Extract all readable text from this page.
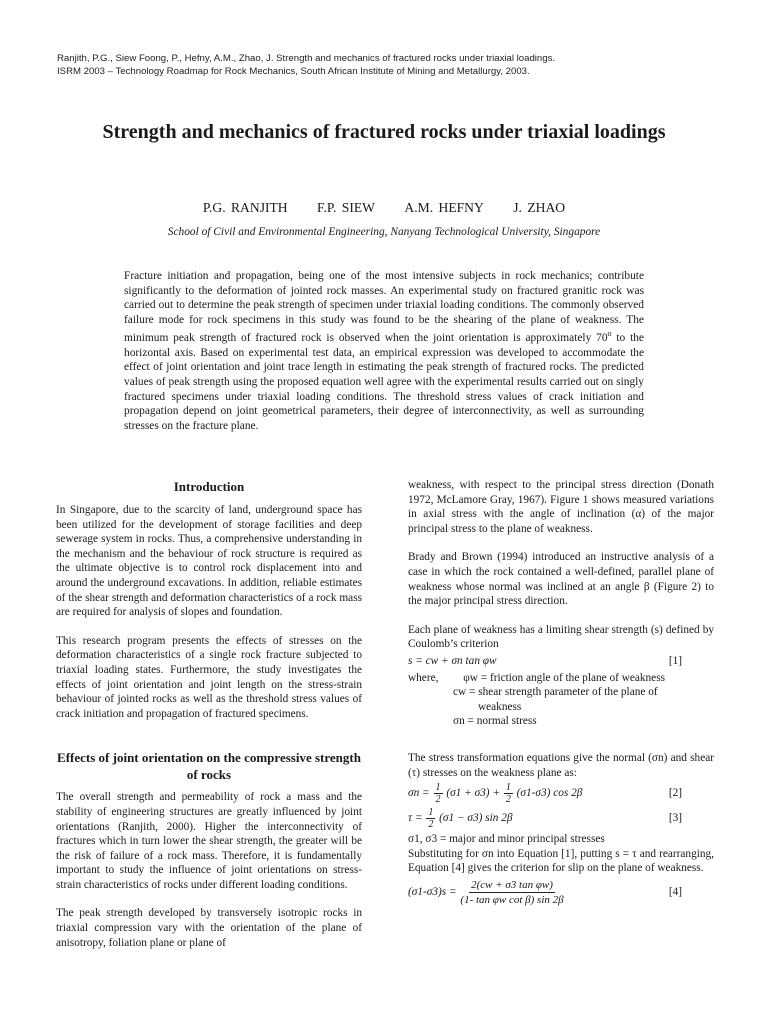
Ranjith, P.G., Siew Foong, P., Hefny, A.M., Zhao, J. Strength and mechanics of fractured rocks under triaxial loadings.
ISRM 2003 – Technology Roadmap for Rock Mechanics, South African Institute of Mining and Metallurgy, 2003.
Strength and mechanics of fractured rocks under triaxial loadings
P.G. RANJITH F.P. SIEW A.M. HEFNY J. ZHAO
School of Civil and Environmental Engineering, Nanyang Technological University, Singapore
Fracture initiation and propagation, being one of the most intensive subjects in rock mechanics; contribute significantly to the deformation of jointed rock masses. An experimental study on fractured granitic rock was carried out to determine the peak strength of specimen under triaxial loading conditions. The commonly observed failure mode for rock specimens in this study was found to be the shearing of the plane of weakness. The minimum peak strength of fractured rock is observed when the joint orientation is approximately 70$^o$ to the horizontal axis. Based on experimental test data, an empirical expression was developed to accommodate the effect of joint orientation and joint trace length in estimating the peak strength of fractured rocks. The predicted values of peak strength using the proposed equation well agree with the experimental results carried out on singly fractured specimens under triaxial loading conditions. The threshold stress values of crack initiation and propagation depend on joint geometrical parameters, their degree of interconnectivity, as well as surrounding stresses on the fracture plane.
Introduction

In Singapore, due to the scarcity of land, underground space has been utilized for the development of storage facilities and deep sewerage system in rocks. Thus, a comprehensive understanding in the mechanism and the behaviour of rock structure is required as the ultimate objective is to control rock displacement into and around the underground excavations. In addition, reliable estimates of the shear strength and deformation characteristics of a rock mass are required for analysis of slopes and foundation.

This research program presents the effects of stresses on the deformation characteristics of a single rock fracture subjected to triaxial loading states. Furthermore, the study investigates the effects of joint orientation and joint length on the stress-strain behaviour of jointed rocks as well as the threshold stress values of crack initiation and propagation of fractured specimens.

Effects of joint orientation on the compressive strength of rocks

The overall strength and permeability of rock a mass and the stability of engineering structures are greatly influenced by joint orientations (Ranjith, 2000). Higher the interconnectivity of fractures which in turn lower the shear strength, the greater will be the risk of failure of a rock mass. Therefore, it is fundamentally important to study the influence of joint orientations on stress-strain characteristics of rocks under different loading conditions.

The peak strength developed by transversely isotropic rocks in triaxial compression vary with the orientation of the plane of anisotropy, foliation plane or plane of

weakness, with respect to the principal stress direction (Donath 1972, McLamore Gray, 1967). Figure 1 shows measured variations in axial stress with the angle of inclination (α) of the major principal stress to the plane of weakness.

Brady and Brown (1994) introduced an instructive analysis of a case in which the rock contained a well-defined, parallel plane of weakness whose normal was inclined at an angle β (Figure 2) to the major principal stress direction.

Each plane of weakness has a limiting shear strength (s) defined by Coulomb’s criterion

s = cw + σn tan φw	[1]
where, φw = friction angle of the plane of weakness
cw = shear strength parameter of the plane of
weakness
σn = normal stress

The stress transformation equations give the normal (σn) and shear (τ) stresses on the weakness plane as:

$\sigma n = \frac{1}{2} (\sigma 1 + \sigma 3) + \frac{1}{2} (\sigma 1-\sigma 3)$ cos 2β	[2]
$\tau = \frac{1}{2} (\sigma 1 - \sigma 3)$ sin 2β	[3]

σ1, σ3 = major and minor principal stresses

Substituting for σn into Equation [1], putting s = τ and rearranging, Equation [4] gives the criterion for slip on the plane of weakness.

$(\sigma 1-\sigma 3)s = \frac{\text{2(cw + σ3 tan φw)}}{\text{(1- tan φw cot β) sin 2β}}$	[4]
